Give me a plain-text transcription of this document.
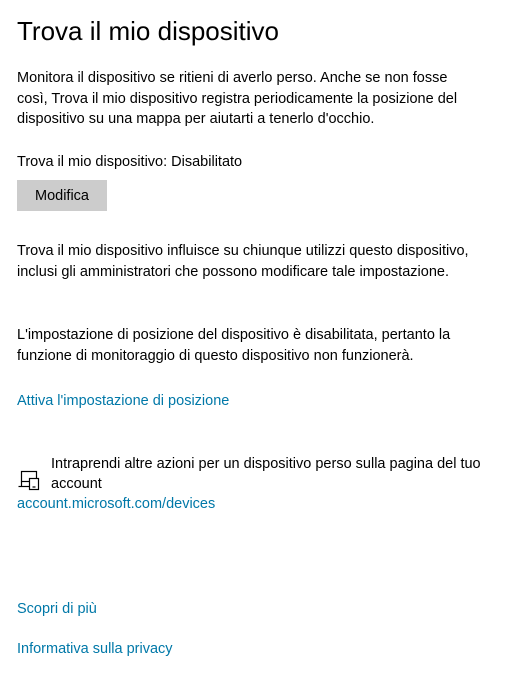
Trova il mio dispositivo

Monitora il dispositivo se ritieni di averlo perso. Anche se non fosse così, Trova il mio dispositivo registra periodicamente la posizione del dispositivo su una mappa per aiutarti a tenerlo d'occhio.

Trova il mio dispositivo: Disabilitato

Modifica

Trova il mio dispositivo influisce su chiunque utilizzi questo dispositivo, inclusi gli amministratori che possono modificare tale impostazione.

L'impostazione di posizione del dispositivo è disabilitata, pertanto la funzione di monitoraggio di questo dispositivo non funzionerà.

Attiva l'impostazione di posizione

Intraprendi altre azioni per un dispositivo perso sulla pagina del tuo account

account.microsoft.com/devices
Scopri di più
Informativa sulla privacy
